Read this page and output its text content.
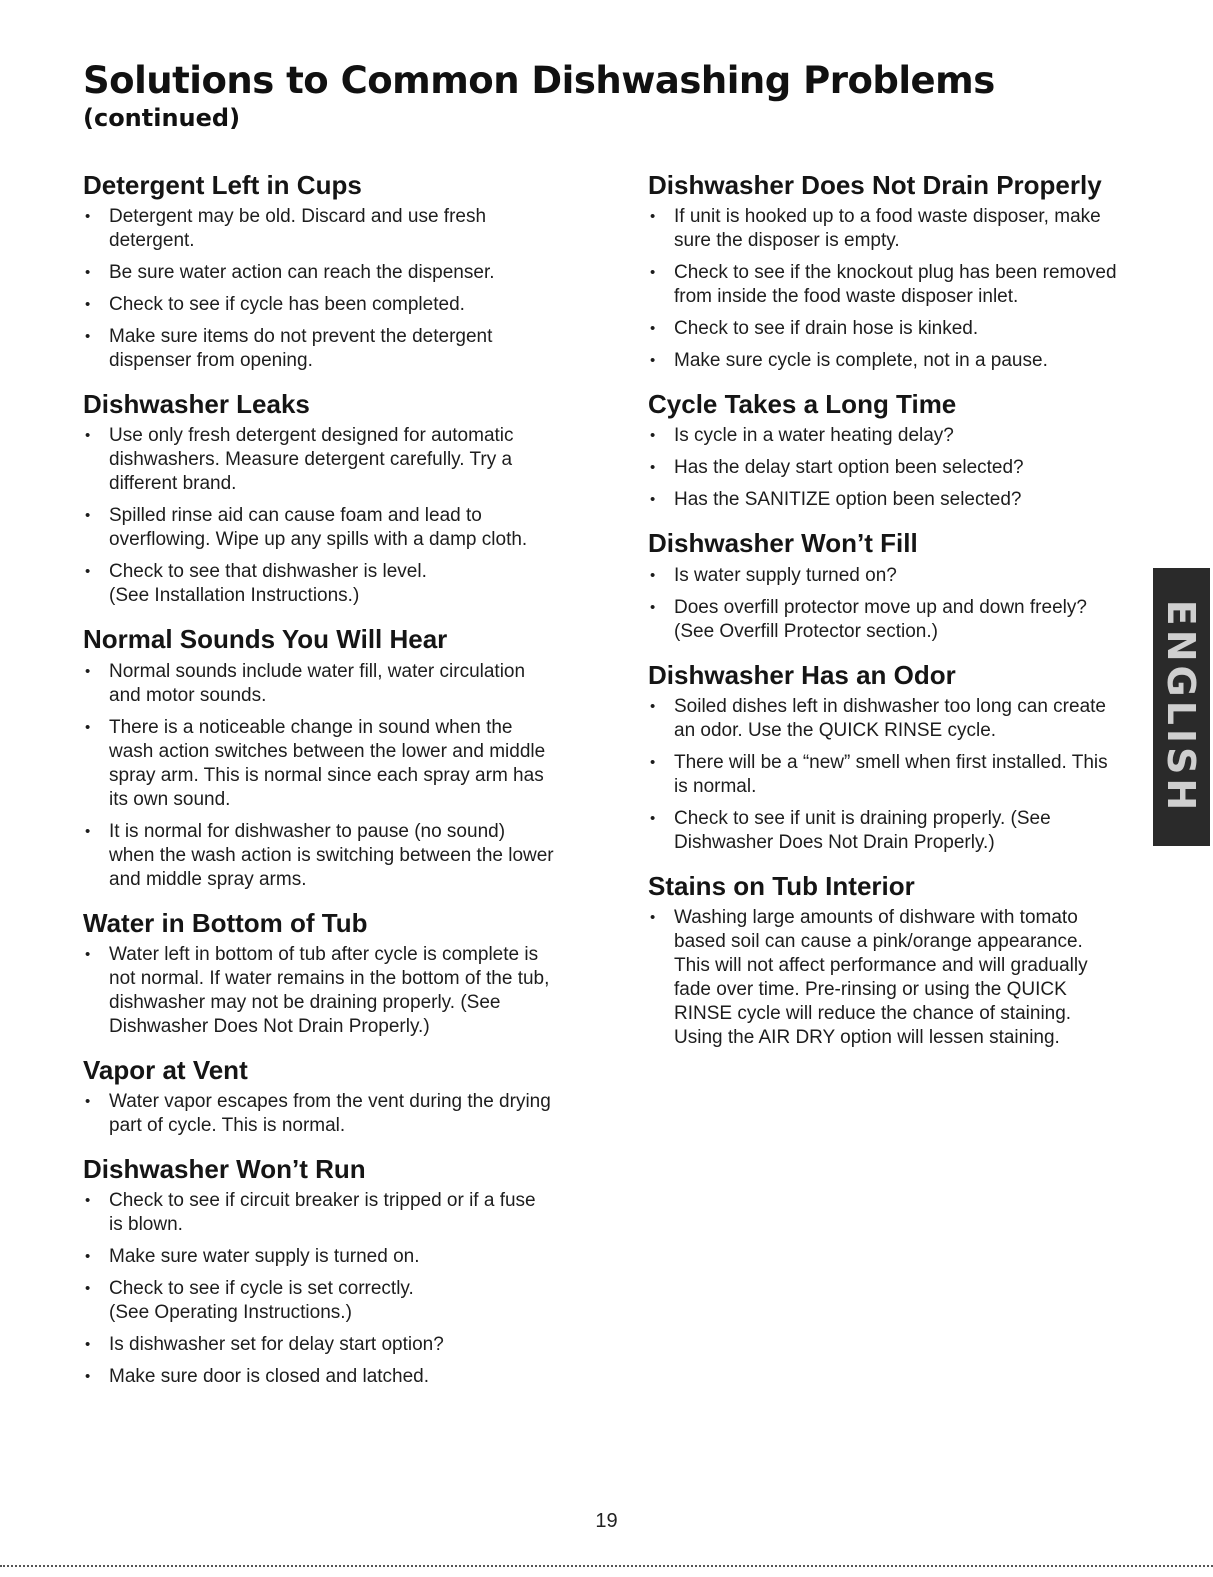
Solutions to Common Dishwashing Problems
(continued)
Detergent Left in Cups
• Detergent may be old. Discard and use fresh
detergent.
• Be sure water action can reach the dispenser.
• Check to see if cycle has been completed.
• Make sure items do not prevent the detergent
dispenser from opening.
Dishwasher Leaks
• Use only fresh detergent designed for automatic
dishwashers. Measure detergent carefully. Try a
different brand.
• Spilled rinse aid can cause foam and lead to
overflowing. Wipe up any spills with a damp cloth.
• Check to see that dishwasher is level.
(See Installation Instructions.)
Normal Sounds You Will Hear
• Normal sounds include water fill, water circulation
and motor sounds.
• There is a noticeable change in sound when the
wash action switches between the lower and middle
spray arm. This is normal since each spray arm has
its own sound.
• It is normal for dishwasher to pause (no sound)
when the wash action is switching between the lower
and middle spray arms.
Water in Bottom of Tub
• Water left in bottom of tub after cycle is complete is
not normal. If water remains in the bottom of the tub,
dishwasher may not be draining properly. (See
Dishwasher Does Not Drain Properly.)
Vapor at Vent
• Water vapor escapes from the vent during the drying
part of cycle. This is normal.
Dishwasher Won’t Run
• Check to see if circuit breaker is tripped or if a fuse
is blown.
• Make sure water supply is turned on.
• Check to see if cycle is set correctly.
(See Operating Instructions.)
• Is dishwasher set for delay start option?
• Make sure door is closed and latched.
Dishwasher Does Not Drain Properly
• If unit is hooked up to a food waste disposer, make
sure the disposer is empty.
• Check to see if the knockout plug has been removed
from inside the food waste disposer inlet.
• Check to see if drain hose is kinked.
• Make sure cycle is complete, not in a pause.
Cycle Takes a Long Time
• Is cycle in a water heating delay?
• Has the delay start option been selected?
• Has the SANITIZE option been selected?
Dishwasher Won’t Fill
• Is water supply turned on?
• Does overfill protector move up and down freely?
(See Overfill Protector section.)
Dishwasher Has an Odor
• Soiled dishes left in dishwasher too long can create
an odor. Use the QUICK RINSE cycle.
• There will be a “new” smell when first installed. This
is normal.
• Check to see if unit is draining properly. (See
Dishwasher Does Not Drain Properly.)
Stains on Tub Interior
• Washing large amounts of dishware with tomato
based soil can cause a pink/orange appearance.
This will not affect performance and will gradually
fade over time. Pre-rinsing or using the QUICK
RINSE cycle will reduce the chance of staining.
Using the AIR DRY option will lessen staining.
ENGLISH
19
